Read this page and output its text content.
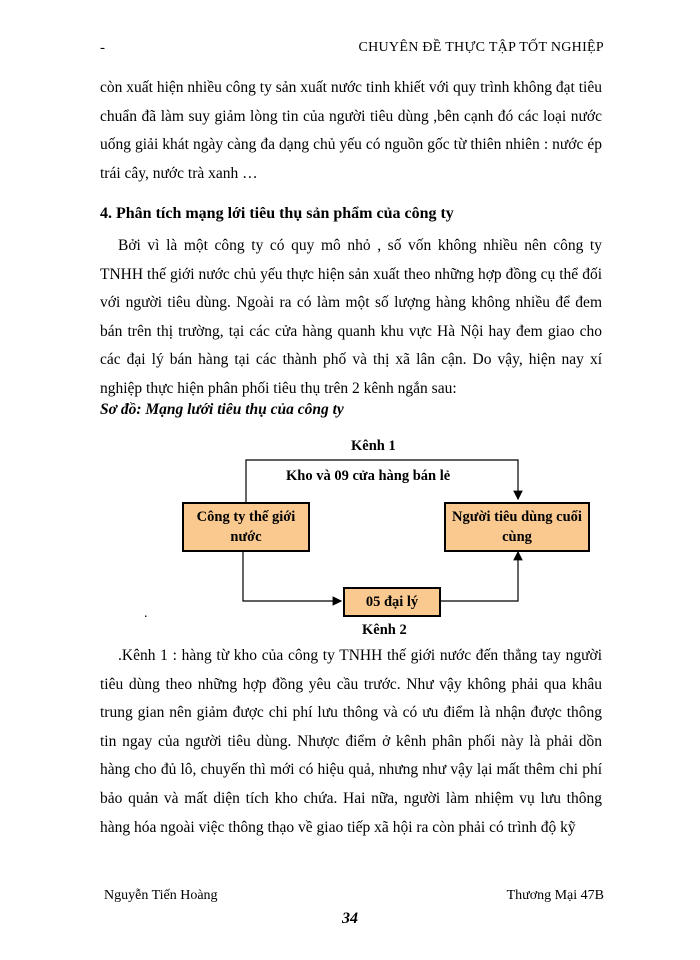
-	CHUYÊN ĐỀ THỰC TẬP TỐT NGHIỆP

còn xuất hiện nhiều công ty sản xuất nước tinh khiết với quy trình không đạt tiêu chuẩn đã làm suy giảm lòng tin của người tiêu dùng ,bên cạnh đó các loại nước uống giải khát ngày càng đa dạng chủ yếu có nguồn gốc từ thiên nhiên : nước ép trái cây, nước trà xanh …

4. Phân tích mạng lới tiêu thụ sản phẩm của công ty

Bởi vì là một công ty có quy mô nhỏ , số vốn không nhiều nên công ty TNHH thế giới nước chủ yếu thực hiện sản xuất theo những hợp đồng cụ thể đối với người tiêu dùng. Ngoài ra có làm một số lượng hàng không nhiều để đem bán trên thị trường, tại các cửa hàng quanh khu vực Hà Nội hay đem giao cho các đại lý bán hàng tại các thành phố và thị xã lân cận. Do vậy, hiện nay xí nghiệp thực hiện phân phối tiêu thụ trên 2 kênh ngắn sau:

Sơ đồ: Mạng lưới tiêu thụ của công ty
Kênh 1
Kho và 09 cửa hàng bán lẻ
Công ty thế giới nước
Người tiêu dùng cuối cùng
05 đại lý
.
Kênh 2

.Kênh 1 : hàng từ kho của công ty TNHH thế giới nước đến thẳng tay người tiêu dùng theo những hợp đồng yêu cầu trước. Như vậy không phải qua khâu trung gian nên giảm được chi phí lưu thông và có ưu điểm là nhận được thông tin ngay của người tiêu dùng. Nhược điểm ở kênh phân phối này là phải dồn hàng cho đủ lô, chuyến thì mới có hiệu quả, nhưng như vậy lại mất thêm chi phí bảo quản và mất diện tích kho chứa. Hai nữa, người làm nhiệm vụ lưu thông hàng hóa ngoài việc thông thạo về giao tiếp xã hội ra còn phải có trình độ kỹ

Nguyễn Tiến Hoàng	Thương Mại 47B
34
